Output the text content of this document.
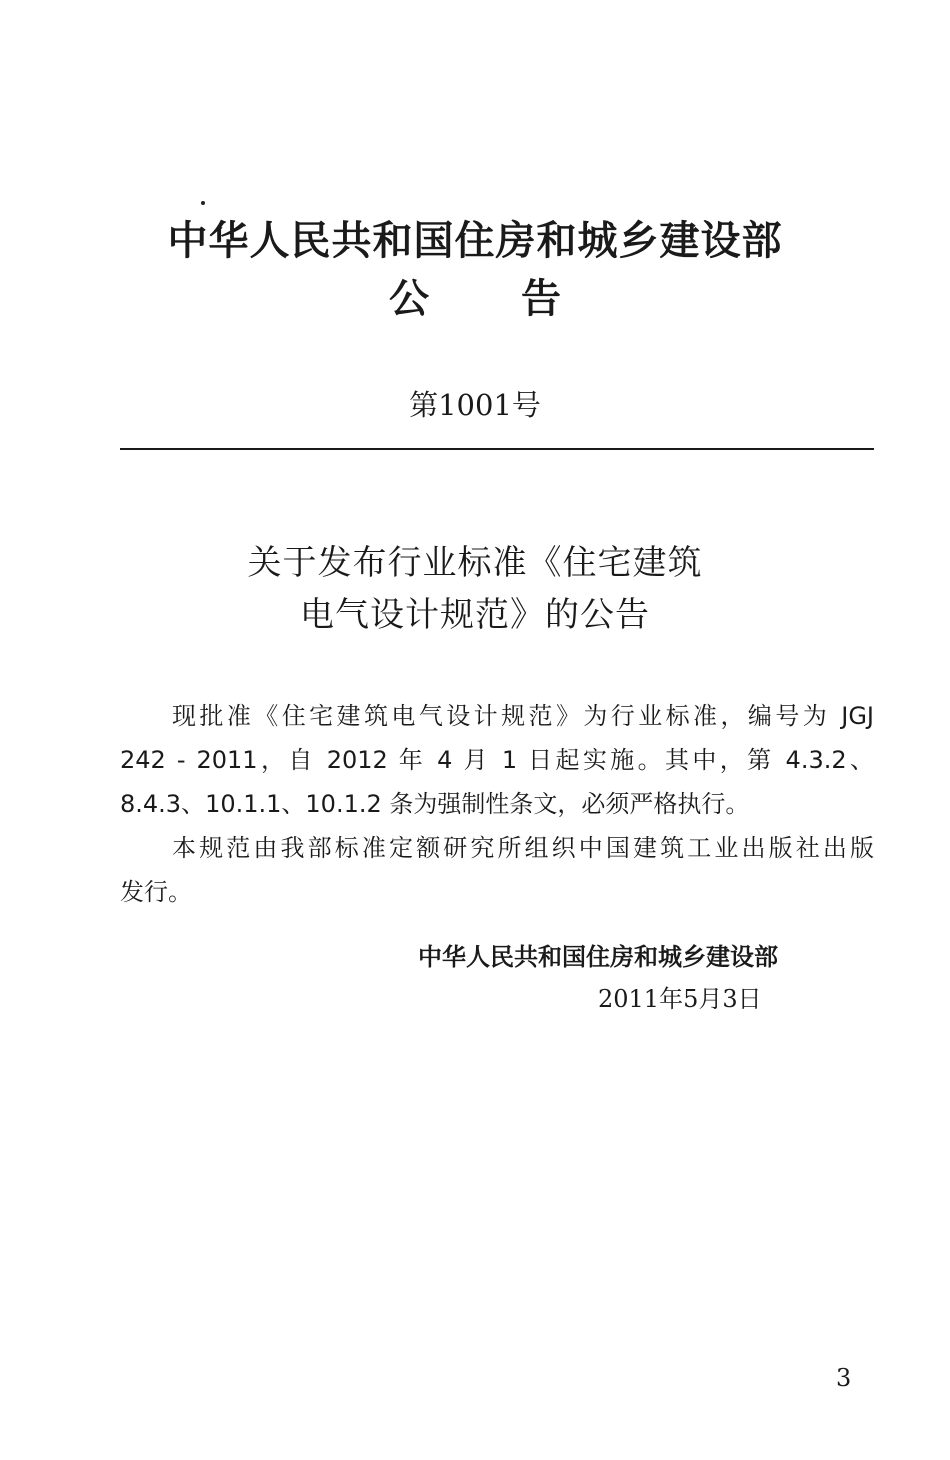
中华人民共和国住房和城乡建设部
公告

第1001号

关于发布行业标准《住宅建筑

电气设计规范》的公告

现批准《住宅建筑电气设计规范》为行业标准，编号为 JGJ
242 - 2011，自 2012 年 4 月 1 日起实施。其中，第 4.3.2、
8.4.3、10.1.1、10.1.2 条为强制性条文，必须严格执行。
本规范由我部标准定额研究所组织中国建筑工业出版社出版
发行。

中华人民共和国住房和城乡建设部

2011年5月3日

3
